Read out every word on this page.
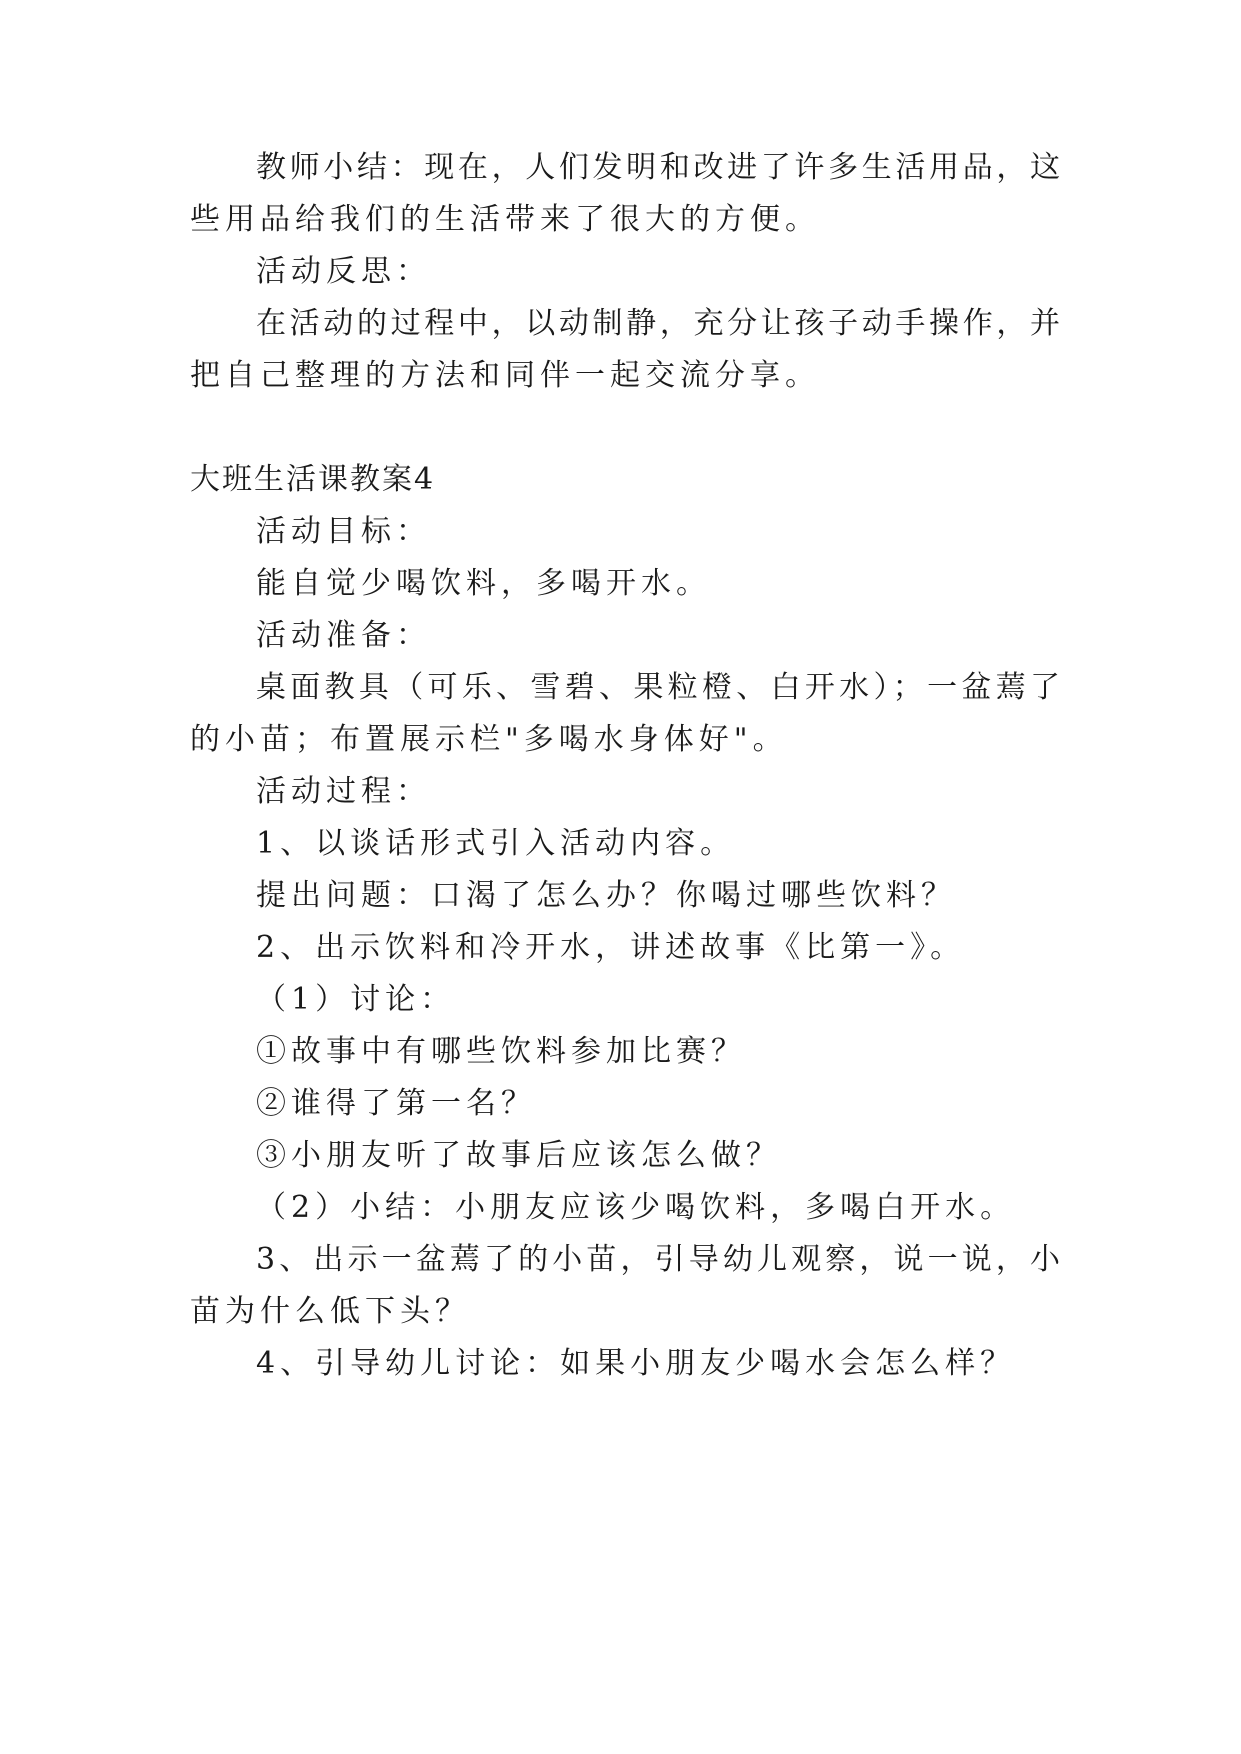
教师小结：现在，人们发明和改进了许多生活用品，这
些用品给我们的生活带来了很大的方便。
活动反思：
在活动的过程中，以动制静，充分让孩子动手操作，并
把自己整理的方法和同伴一起交流分享。
大班生活课教案4
活动目标：
能自觉少喝饮料，多喝开水。
活动准备：
桌面教具（可乐、雪碧、果粒橙、白开水）；一盆蔫了
的小苗；布置展示栏"多喝水身体好"。
活动过程：
1、以谈话形式引入活动内容。
提出问题：口渴了怎么办？你喝过哪些饮料？
2、出示饮料和冷开水，讲述故事《比第一》。
（1）讨论：
①故事中有哪些饮料参加比赛？
②谁得了第一名？
③小朋友听了故事后应该怎么做？
（2）小结：小朋友应该少喝饮料，多喝白开水。
3、出示一盆蔫了的小苗，引导幼儿观察，说一说，小
苗为什么低下头？
4、引导幼儿讨论：如果小朋友少喝水会怎么样？
